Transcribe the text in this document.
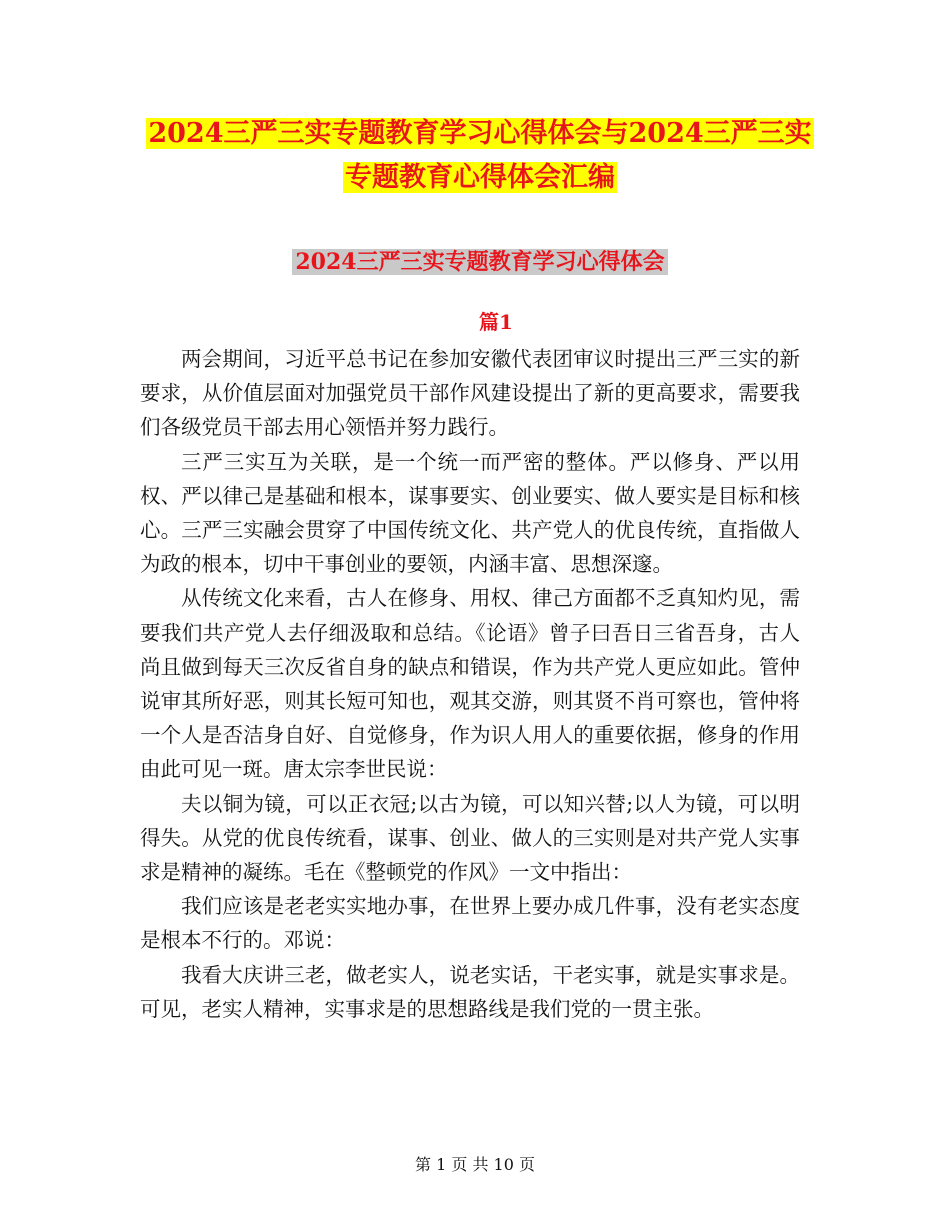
2024三严三实专题教育学习心得体会与2024三严三实
专题教育心得体会汇编
2024三严三实专题教育学习心得体会
篇1

两会期间，习近平总书记在参加安徽代表团审议时提出三严三实的新要求，从价值层面对加强党员干部作风建设提出了新的更高要求，需要我们各级党员干部去用心领悟并努力践行。

三严三实互为关联，是一个统一而严密的整体。严以修身、严以用权、严以律己是基础和根本，谋事要实、创业要实、做人要实是目标和核心。三严三实融会贯穿了中国传统文化、共产党人的优良传统，直指做人为政的根本，切中干事创业的要领，内涵丰富、思想深邃。

从传统文化来看，古人在修身、用权、律己方面都不乏真知灼见，需要我们共产党人去仔细汲取和总结。《论语》曾子曰吾日三省吾身，古人尚且做到每天三次反省自身的缺点和错误，作为共产党人更应如此。管仲说审其所好恶，则其长短可知也，观其交游，则其贤不肖可察也，管仲将一个人是否洁身自好、自觉修身，作为识人用人的重要依据，修身的作用由此可见一斑。唐太宗李世民说：

夫以铜为镜，可以正衣冠;以古为镜，可以知兴替;以人为镜，可以明得失。从党的优良传统看，谋事、创业、做人的三实则是对共产党人实事求是精神的凝练。毛在《整顿党的作风》一文中指出：

我们应该是老老实实地办事，在世界上要办成几件事，没有老实态度是根本不行的。邓说：

我看大庆讲三老，做老实人，说老实话，干老实事，就是实事求是。可见，老实人精神，实事求是的思想路线是我们党的一贯主张。

第 1 页 共 10 页
